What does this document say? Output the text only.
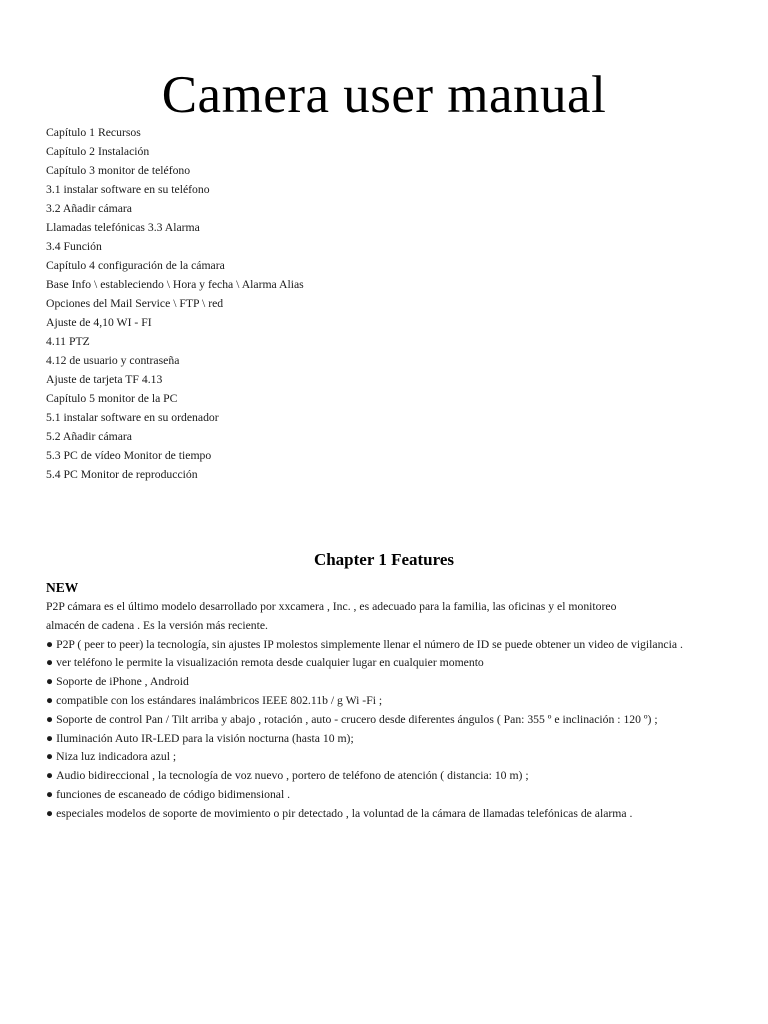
Camera user manual
Capítulo 1 Recursos
Capítulo 2 Instalación
Capítulo 3 monitor de teléfono
3.1 instalar software en su teléfono
3.2 Añadir cámara
Llamadas telefónicas 3.3 Alarma
3.4 Función
Capítulo 4 configuración de la cámara
Base Info \ estableciendo \ Hora y fecha \ Alarma Alias
Opciones del Mail Service \ FTP \ red
Ajuste de 4,10 WI - FI
4.11 PTZ
4.12 de usuario y contraseña
Ajuste de tarjeta TF 4.13
Capítulo 5 monitor de la PC
5.1 instalar software en su ordenador
5.2 Añadir cámara
5.3 PC de vídeo Monitor de tiempo
5.4 PC Monitor de reproducción
Chapter 1 Features
NEW

P2P cámara es el último modelo desarrollado por xxcamera , Inc. , es adecuado para la familia, las oficinas y el monitoreo

almacén de cadena . Es la versión más reciente.

● P2P ( peer to peer) la tecnología, sin ajustes IP molestos simplemente llenar el número de ID se puede obtener un video de vigilancia .

● ver teléfono le permite la visualización remota desde cualquier lugar en cualquier momento

● Soporte de iPhone , Android

● compatible con los estándares inalámbricos IEEE 802.11b / g Wi -Fi ;

● Soporte de control Pan / Tilt arriba y abajo , rotación , auto - crucero desde diferentes ángulos ( Pan: 355 º e inclinación : 120 º) ;

● Iluminación Auto IR-LED para la visión nocturna (hasta 10 m);

● Niza luz indicadora azul ;

● Audio bidireccional , la tecnología de voz nuevo , portero de teléfono de atención ( distancia: 10 m) ;

● funciones de escaneado de código bidimensional .

● especiales modelos de soporte de movimiento o pir detectado , la voluntad de la cámara de llamadas telefónicas de alarma .
